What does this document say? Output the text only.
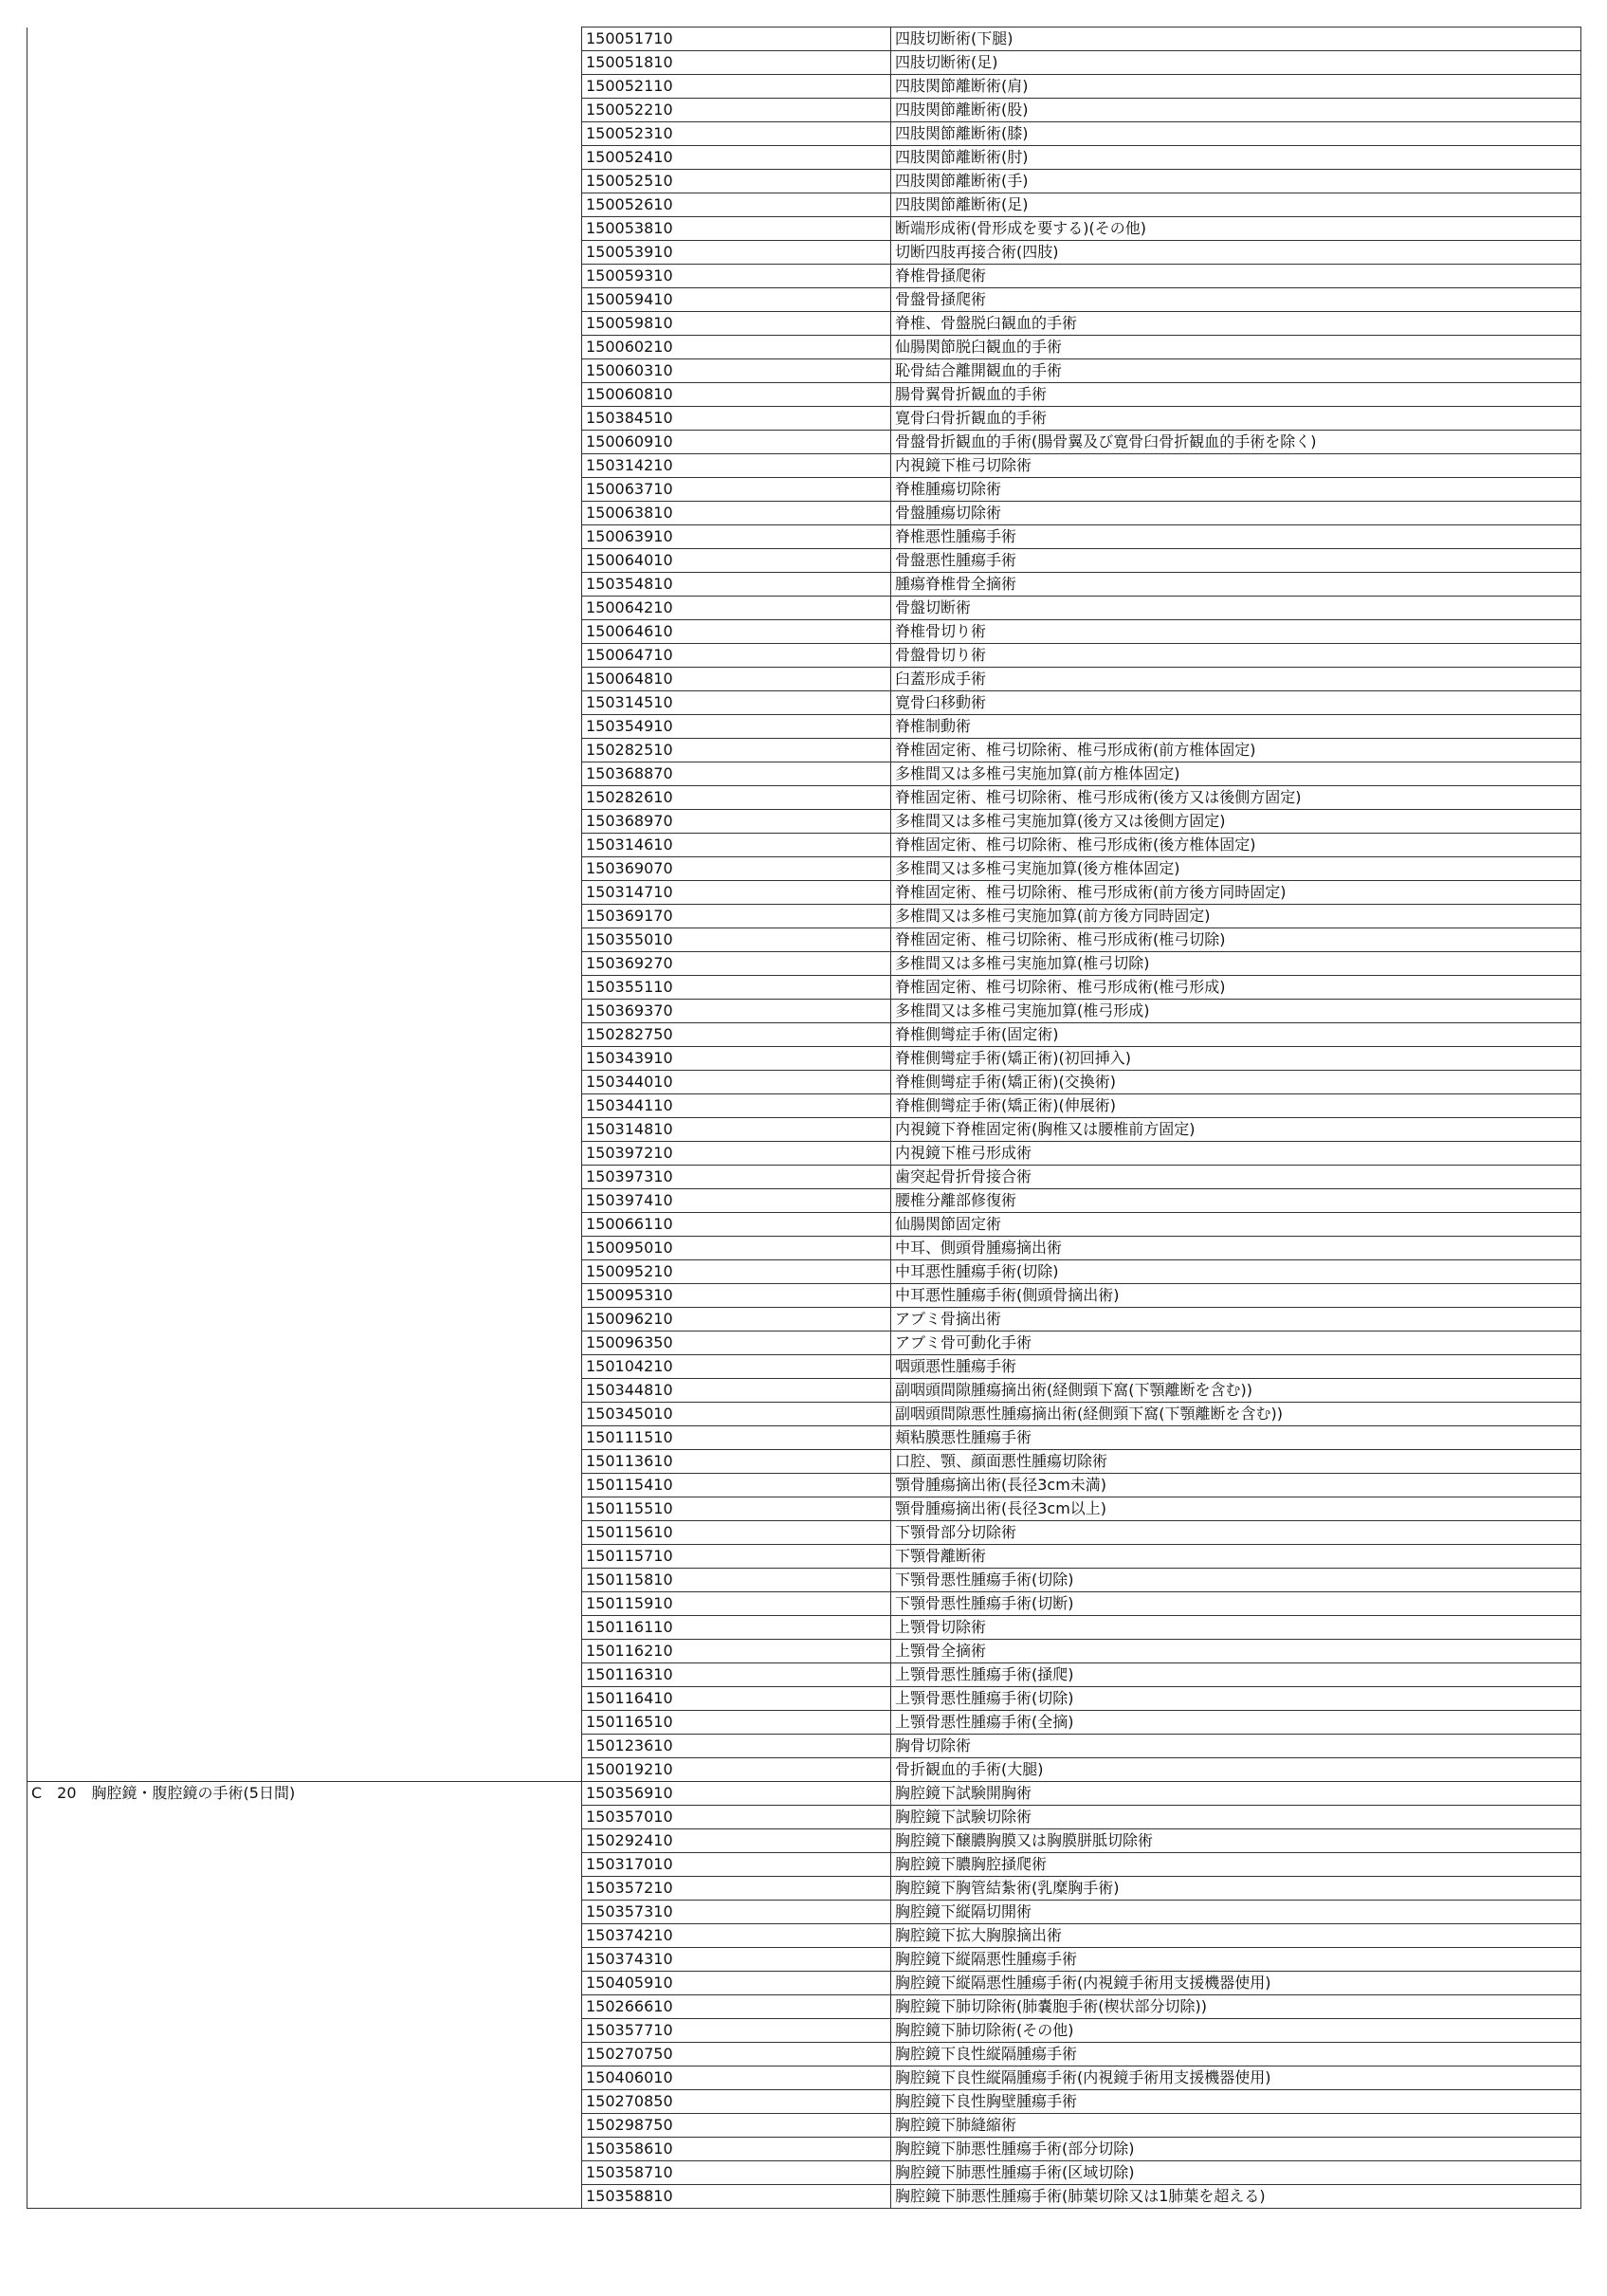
	150051710	四肢切断術(下腿)
	150051810	四肢切断術(足)
	150052110	四肢関節離断術(肩)
	150052210	四肢関節離断術(股)
	150052310	四肢関節離断術(膝)
	150052410	四肢関節離断術(肘)
	150052510	四肢関節離断術(手)
	150052610	四肢関節離断術(足)
	150053810	断端形成術(骨形成を要する)(その他)
	150053910	切断四肢再接合術(四肢)
	150059310	脊椎骨掻爬術
	150059410	骨盤骨掻爬術
	150059810	脊椎、骨盤脱臼観血的手術
	150060210	仙腸関節脱臼観血的手術
	150060310	恥骨結合離開観血的手術
	150060810	腸骨翼骨折観血的手術
	150384510	寛骨臼骨折観血的手術
	150060910	骨盤骨折観血的手術(腸骨翼及び寛骨臼骨折観血的手術を除く)
	150314210	内視鏡下椎弓切除術
	150063710	脊椎腫瘍切除術
	150063810	骨盤腫瘍切除術
	150063910	脊椎悪性腫瘍手術
	150064010	骨盤悪性腫瘍手術
	150354810	腫瘍脊椎骨全摘術
	150064210	骨盤切断術
	150064610	脊椎骨切り術
	150064710	骨盤骨切り術
	150064810	臼蓋形成手術
	150314510	寛骨臼移動術
	150354910	脊椎制動術
	150282510	脊椎固定術、椎弓切除術、椎弓形成術(前方椎体固定)
	150368870	多椎間又は多椎弓実施加算(前方椎体固定)
	150282610	脊椎固定術、椎弓切除術、椎弓形成術(後方又は後側方固定)
	150368970	多椎間又は多椎弓実施加算(後方又は後側方固定)
	150314610	脊椎固定術、椎弓切除術、椎弓形成術(後方椎体固定)
	150369070	多椎間又は多椎弓実施加算(後方椎体固定)
	150314710	脊椎固定術、椎弓切除術、椎弓形成術(前方後方同時固定)
	150369170	多椎間又は多椎弓実施加算(前方後方同時固定)
	150355010	脊椎固定術、椎弓切除術、椎弓形成術(椎弓切除)
	150369270	多椎間又は多椎弓実施加算(椎弓切除)
	150355110	脊椎固定術、椎弓切除術、椎弓形成術(椎弓形成)
	150369370	多椎間又は多椎弓実施加算(椎弓形成)
	150282750	脊椎側彎症手術(固定術)
	150343910	脊椎側彎症手術(矯正術)(初回挿入)
	150344010	脊椎側彎症手術(矯正術)(交換術)
	150344110	脊椎側彎症手術(矯正術)(伸展術)
	150314810	内視鏡下脊椎固定術(胸椎又は腰椎前方固定)
	150397210	内視鏡下椎弓形成術
	150397310	歯突起骨折骨接合術
	150397410	腰椎分離部修復術
	150066110	仙腸関節固定術
	150095010	中耳、側頭骨腫瘍摘出術
	150095210	中耳悪性腫瘍手術(切除)
	150095310	中耳悪性腫瘍手術(側頭骨摘出術)
	150096210	アブミ骨摘出術
	150096350	アブミ骨可動化手術
	150104210	咽頭悪性腫瘍手術
	150344810	副咽頭間隙腫瘍摘出術(経側頸下窩(下顎離断を含む))
	150345010	副咽頭間隙悪性腫瘍摘出術(経側頸下窩(下顎離断を含む))
	150111510	頬粘膜悪性腫瘍手術
	150113610	口腔、顎、顔面悪性腫瘍切除術
	150115410	顎骨腫瘍摘出術(長径3cm未満)
	150115510	顎骨腫瘍摘出術(長径3cm以上)
	150115610	下顎骨部分切除術
	150115710	下顎骨離断術
	150115810	下顎骨悪性腫瘍手術(切除)
	150115910	下顎骨悪性腫瘍手術(切断)
	150116110	上顎骨切除術
	150116210	上顎骨全摘術
	150116310	上顎骨悪性腫瘍手術(掻爬)
	150116410	上顎骨悪性腫瘍手術(切除)
	150116510	上顎骨悪性腫瘍手術(全摘)
	150123610	胸骨切除術
	150019210	骨折観血的手術(大腿)
C　20　胸腔鏡・腹腔鏡の手術(5日間)	150356910	胸腔鏡下試験開胸術
	150357010	胸腔鏡下試験切除術
	150292410	胸腔鏡下醸膿胸膜又は胸膜胼胝切除術
	150317010	胸腔鏡下膿胸腔掻爬術
	150357210	胸腔鏡下胸管結紮術(乳糜胸手術)
	150357310	胸腔鏡下縦隔切開術
	150374210	胸腔鏡下拡大胸腺摘出術
	150374310	胸腔鏡下縦隔悪性腫瘍手術
	150405910	胸腔鏡下縦隔悪性腫瘍手術(内視鏡手術用支援機器使用)
	150266610	胸腔鏡下肺切除術(肺嚢胞手術(楔状部分切除))
	150357710	胸腔鏡下肺切除術(その他)
	150270750	胸腔鏡下良性縦隔腫瘍手術
	150406010	胸腔鏡下良性縦隔腫瘍手術(内視鏡手術用支援機器使用)
	150270850	胸腔鏡下良性胸壁腫瘍手術
	150298750	胸腔鏡下肺縫縮術
	150358610	胸腔鏡下肺悪性腫瘍手術(部分切除)
	150358710	胸腔鏡下肺悪性腫瘍手術(区域切除)
	150358810	胸腔鏡下肺悪性腫瘍手術(肺葉切除又は1肺葉を超える)
